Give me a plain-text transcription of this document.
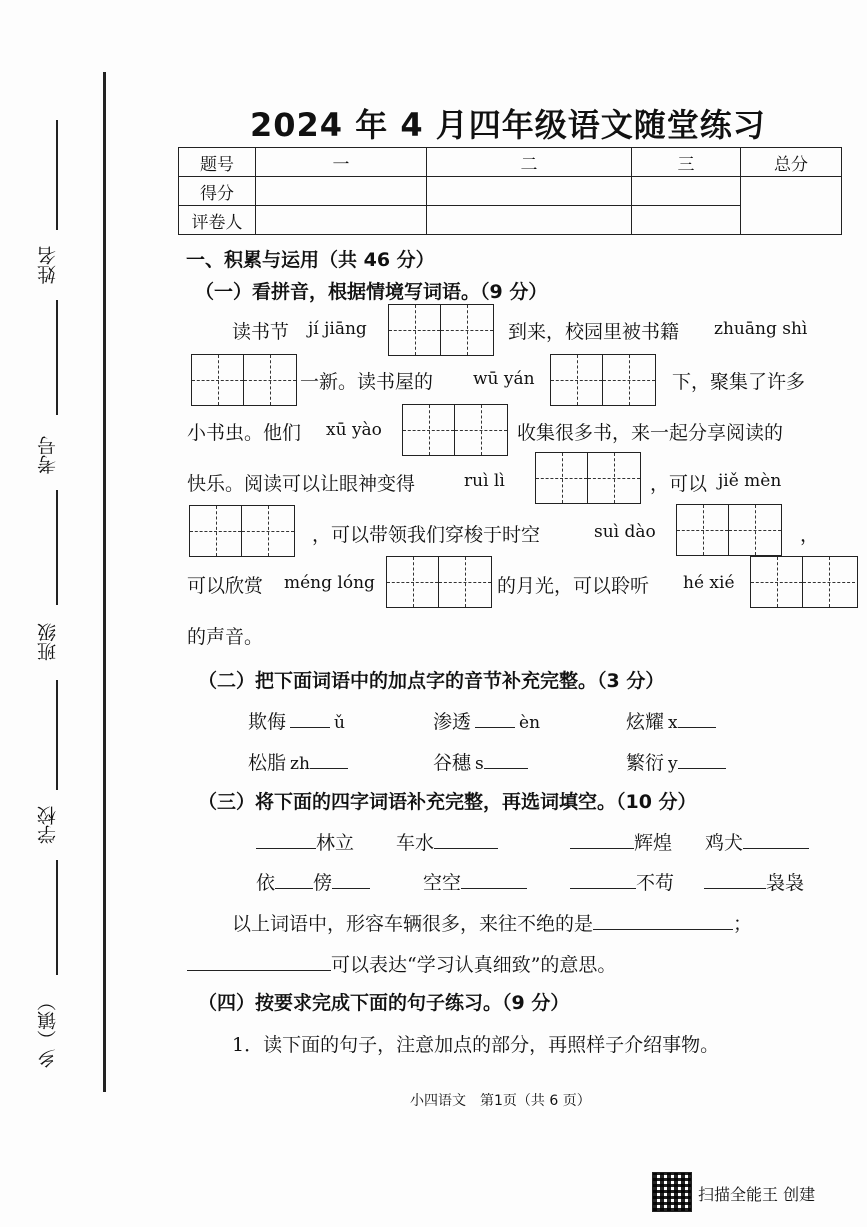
姓名
考号
班级
学校
乡（镇）
2024 年 4 月四年级语文随堂练习
题号	一	二	三	总分
得分				
评卷人				
一、积累与运用（共 46 分）
（一）看拼音，根据情境写词语。（9 分）
读书节 jí jiāng	到来，校园里被书籍 zhuāng shì
一新。读书屋的 wū yán	下，聚集了许多
小书虫。他们 xū yào	收集很多书，来一起分享阅读的
快乐。阅读可以让眼神变得	ruì lì	，可以 jiě mèn
，可以带领我们穿梭于时空	suì dào	，
可以欣赏 méng lóng	的月光，可以聆听 hé xié
的声音。
（二）把下面词语中的加点字的音节补充完整。（3 分）
欺侮	ǔ	渗透	èn	炫耀 x
松脂 zh	谷穗 s	繁衍 y
（三）将下面的四字词语补充完整，再选词填空。（10 分）
林立 车水	辉煌 鸡犬
依 傍	空空	不苟	袅袅
以上词语中，形容车辆很多，来往不绝的是	；
可以表达“学习认真细致”的意思。
（四）按要求完成下面的句子练习。（9 分）
1．读下面的句子，注意加点的部分，再照样子介绍事物。
小四语文　第1页（共 6 页）
扫描全能王 创建
